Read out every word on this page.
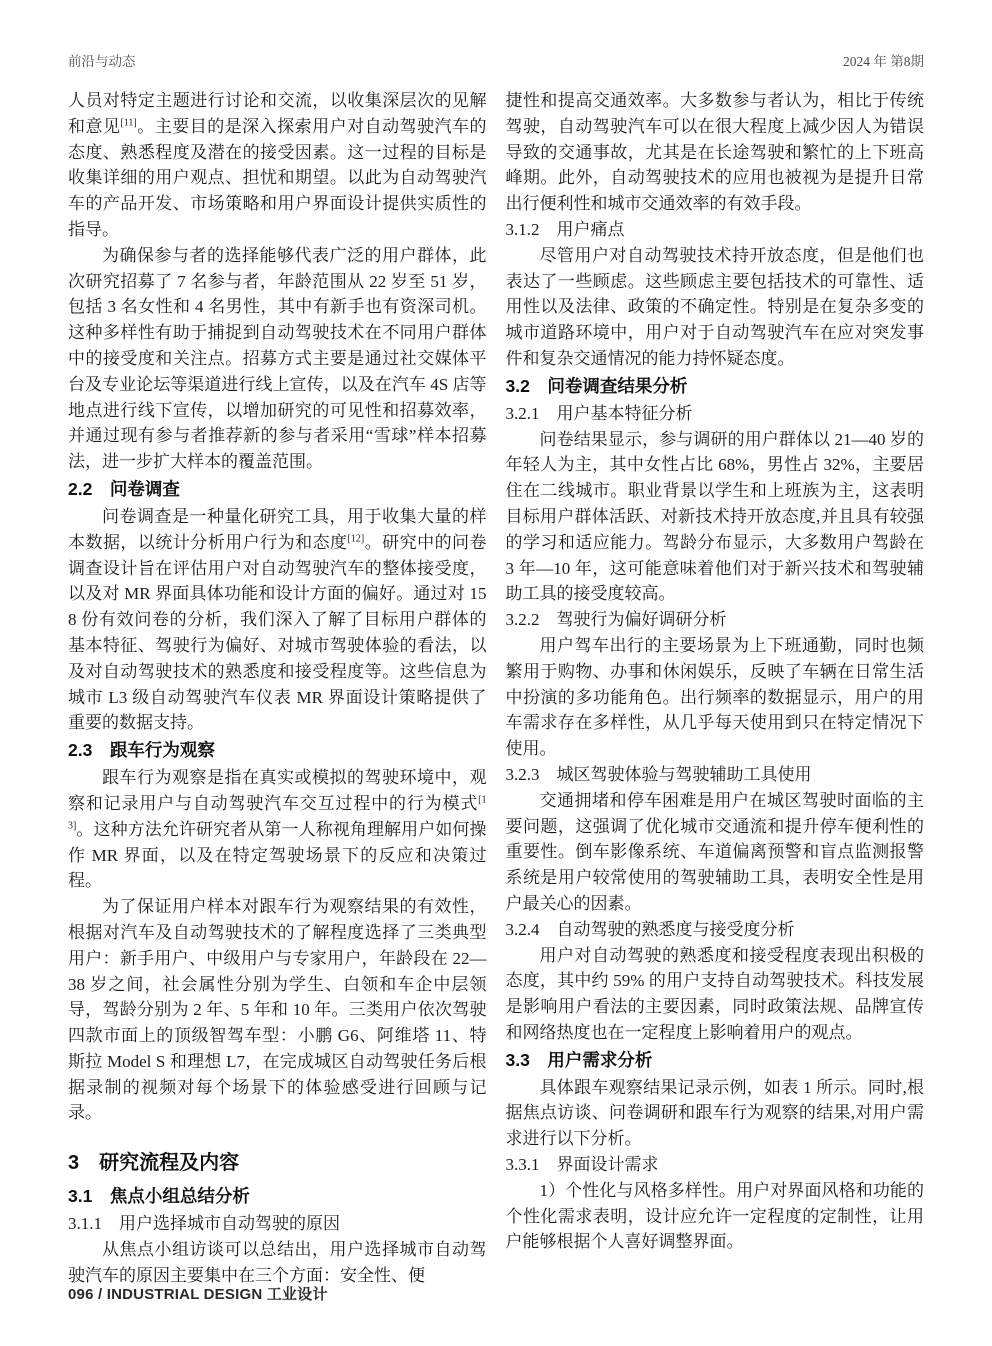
前沿与动态	2024 年 第8期
人员对特定主题进行讨论和交流，以收集深层次的见解和意见[11]。主要目的是深入探索用户对自动驾驶汽车的态度、熟悉程度及潜在的接受因素。这一过程的目标是收集详细的用户观点、担忧和期望。以此为自动驾驶汽车的产品开发、市场策略和用户界面设计提供实质性的指导。
为确保参与者的选择能够代表广泛的用户群体，此次研究招募了 7 名参与者，年龄范围从 22 岁至 51 岁，包括 3 名女性和 4 名男性，其中有新手也有资深司机。这种多样性有助于捕捉到自动驾驶技术在不同用户群体中的接受度和关注点。招募方式主要是通过社交媒体平台及专业论坛等渠道进行线上宣传，以及在汽车 4S 店等地点进行线下宣传，以增加研究的可见性和招募效率，并通过现有参与者推荐新的参与者采用“雪球”样本招募法，进一步扩大样本的覆盖范围。
2.2　问卷调查
问卷调查是一种量化研究工具，用于收集大量的样本数据，以统计分析用户行为和态度[12]。研究中的问卷调查设计旨在评估用户对自动驾驶汽车的整体接受度，以及对 MR 界面具体功能和设计方面的偏好。通过对 158 份有效问卷的分析，我们深入了解了目标用户群体的基本特征、驾驶行为偏好、对城市驾驶体验的看法，以及对自动驾驶技术的熟悉度和接受程度等。这些信息为城市 L3 级自动驾驶汽车仪表 MR 界面设计策略提供了重要的数据支持。
2.3　跟车行为观察
跟车行为观察是指在真实或模拟的驾驶环境中，观察和记录用户与自动驾驶汽车交互过程中的行为模式[13]。这种方法允许研究者从第一人称视角理解用户如何操作 MR 界面，以及在特定驾驶场景下的反应和决策过程。
为了保证用户样本对跟车行为观察结果的有效性，根据对汽车及自动驾驶技术的了解程度选择了三类典型用户：新手用户、中级用户与专家用户，年龄段在 22—38 岁之间，社会属性分别为学生、白领和车企中层领导，驾龄分别为 2 年、5 年和 10 年。三类用户依次驾驶四款市面上的顶级智驾车型：小鹏 G6、阿维塔 11、特斯拉 Model S 和理想 L7，在完成城区自动驾驶任务后根据录制的视频对每个场景下的体验感受进行回顾与记录。
3　研究流程及内容
3.1　焦点小组总结分析
3.1.1　用户选择城市自动驾驶的原因
从焦点小组访谈可以总结出，用户选择城市自动驾驶汽车的原因主要集中在三个方面：安全性、便
捷性和提高交通效率。大多数参与者认为，相比于传统驾驶，自动驾驶汽车可以在很大程度上减少因人为错误导致的交通事故，尤其是在长途驾驶和繁忙的上下班高峰期。此外，自动驾驶技术的应用也被视为是提升日常出行便利性和城市交通效率的有效手段。
3.1.2　用户痛点
尽管用户对自动驾驶技术持开放态度，但是他们也表达了一些顾虑。这些顾虑主要包括技术的可靠性、适用性以及法律、政策的不确定性。特别是在复杂多变的城市道路环境中，用户对于自动驾驶汽车在应对突发事件和复杂交通情况的能力持怀疑态度。
3.2　问卷调查结果分析
3.2.1　用户基本特征分析
问卷结果显示，参与调研的用户群体以 21—40 岁的年轻人为主，其中女性占比 68%，男性占 32%，主要居住在二线城市。职业背景以学生和上班族为主，这表明目标用户群体活跃、对新技术持开放态度,并且具有较强的学习和适应能力。驾龄分布显示，大多数用户驾龄在 3 年—10 年，这可能意味着他们对于新兴技术和驾驶辅助工具的接受度较高。
3.2.2　驾驶行为偏好调研分析
用户驾车出行的主要场景为上下班通勤，同时也频繁用于购物、办事和休闲娱乐，反映了车辆在日常生活中扮演的多功能角色。出行频率的数据显示，用户的用车需求存在多样性，从几乎每天使用到只在特定情况下使用。
3.2.3　城区驾驶体验与驾驶辅助工具使用
交通拥堵和停车困难是用户在城区驾驶时面临的主要问题，这强调了优化城市交通流和提升停车便利性的重要性。倒车影像系统、车道偏离预警和盲点监测报警系统是用户较常使用的驾驶辅助工具，表明安全性是用户最关心的因素。
3.2.4　自动驾驶的熟悉度与接受度分析
用户对自动驾驶的熟悉度和接受程度表现出积极的态度，其中约 59% 的用户支持自动驾驶技术。科技发展是影响用户看法的主要因素，同时政策法规、品牌宣传和网络热度也在一定程度上影响着用户的观点。
3.3　用户需求分析
具体跟车观察结果记录示例，如表 1 所示。同时,根据焦点访谈、问卷调研和跟车行为观察的结果,对用户需求进行以下分析。
3.3.1　界面设计需求
1）个性化与风格多样性。用户对界面风格和功能的个性化需求表明，设计应允许一定程度的定制性，让用户能够根据个人喜好调整界面。
096 / INDUSTRIAL DESIGN 工业设计
